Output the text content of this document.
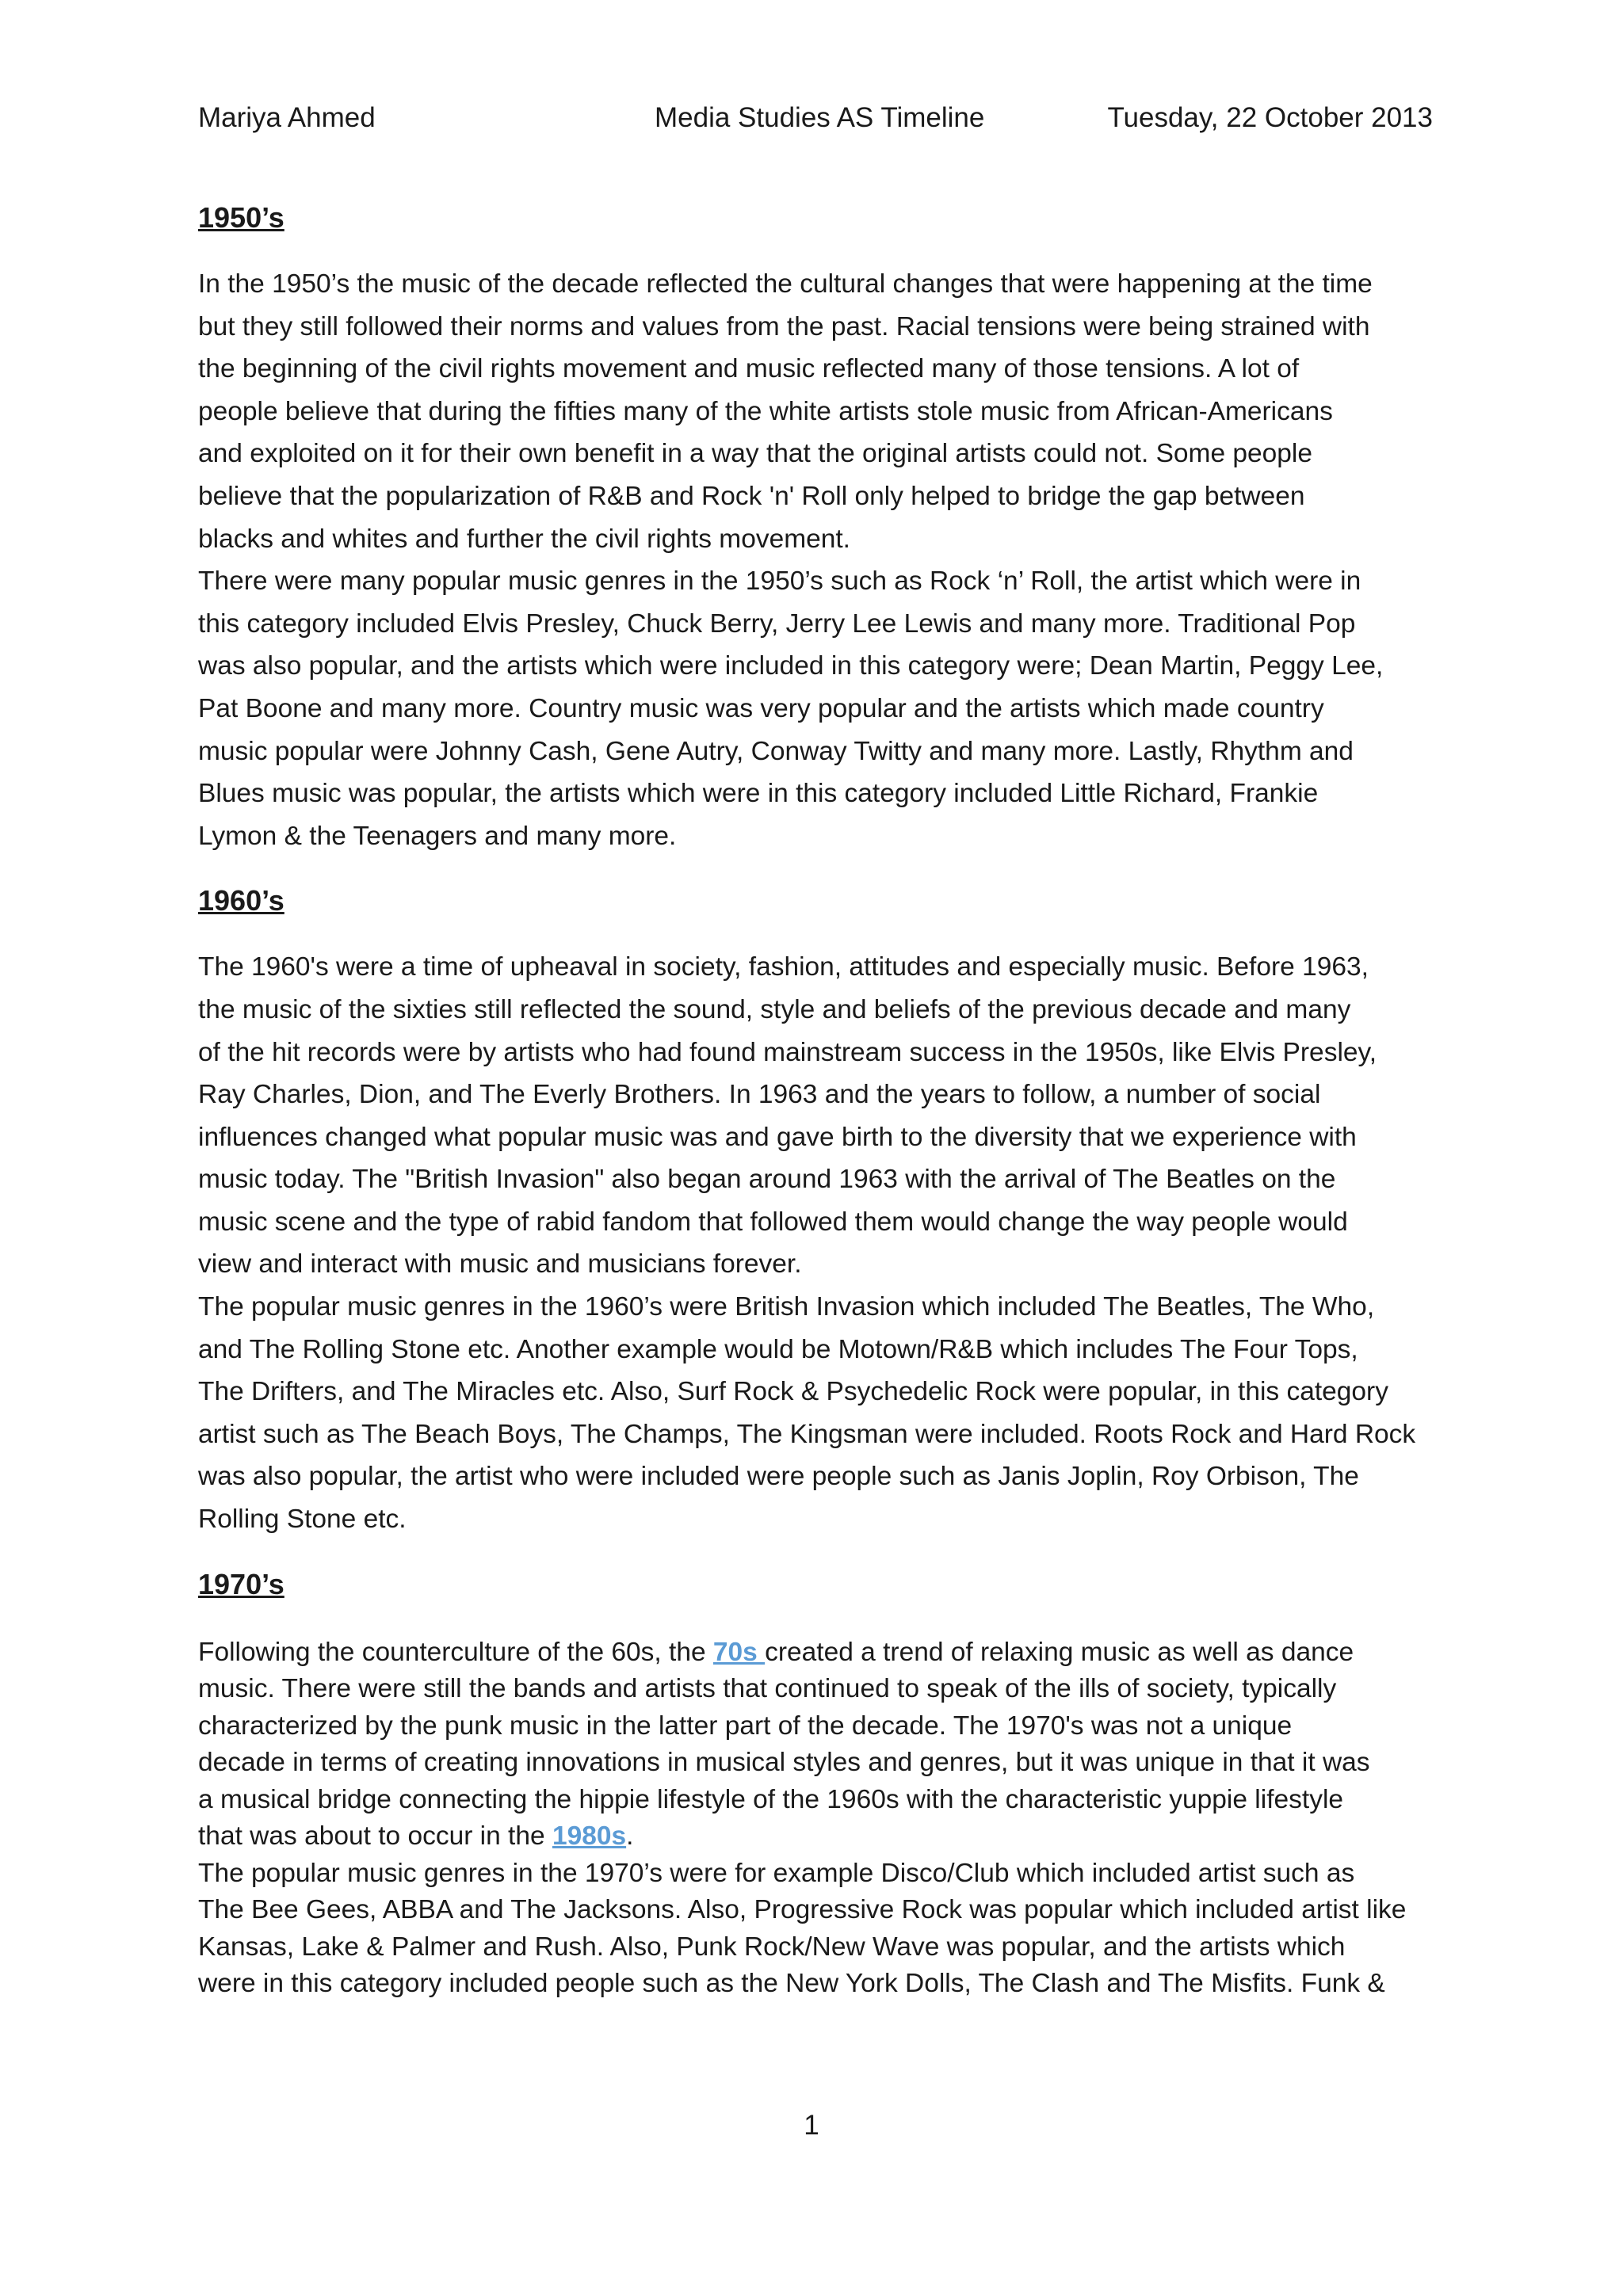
Mariya Ahmed	Media Studies AS Timeline	Tuesday, 22 October 2013
1950’s

In the 1950’s the music of the decade reflected the cultural changes that were happening at the time
but they still followed their norms and values from the past. Racial tensions were being strained with
the beginning of the civil rights movement and music reflected many of those tensions. A lot of
people believe that during the fifties many of the white artists stole music from African-Americans
and exploited on it for their own benefit in a way that the original artists could not. Some people
believe that the popularization of R&B and Rock 'n' Roll only helped to bridge the gap between
blacks and whites and further the civil rights movement.

There were many popular music genres in the 1950’s such as Rock ‘n’ Roll, the artist which were in
this category included Elvis Presley, Chuck Berry, Jerry Lee Lewis and many more. Traditional Pop
was also popular, and the artists which were included in this category were; Dean Martin, Peggy Lee,
Pat Boone and many more. Country music was very popular and the artists which made country
music popular were Johnny Cash, Gene Autry, Conway Twitty and many more. Lastly, Rhythm and
Blues music was popular, the artists which were in this category included Little Richard, Frankie
Lymon & the Teenagers and many more.

1960’s

The 1960's were a time of upheaval in society, fashion, attitudes and especially music. Before 1963,
the music of the sixties still reflected the sound, style and beliefs of the previous decade and many
of the hit records were by artists who had found mainstream success in the 1950s, like Elvis Presley,
Ray Charles, Dion, and The Everly Brothers. In 1963 and the years to follow, a number of social
influences changed what popular music was and gave birth to the diversity that we experience with
music today. The "British Invasion" also began around 1963 with the arrival of The Beatles on the
music scene and the type of rabid fandom that followed them would change the way people would
view and interact with music and musicians forever.

The popular music genres in the 1960’s were British Invasion which included The Beatles, The Who,
and The Rolling Stone etc. Another example would be Motown/R&B which includes The Four Tops,
The Drifters, and The Miracles etc. Also, Surf Rock & Psychedelic Rock were popular, in this category
artist such as The Beach Boys, The Champs, The Kingsman were included. Roots Rock and Hard Rock
was also popular, the artist who were included were people such as Janis Joplin, Roy Orbison, The
Rolling Stone etc.

1970’s

Following the counterculture of the 60s, the 70s created a trend of relaxing music as well as dance
music. There were still the bands and artists that continued to speak of the ills of society, typically
characterized by the punk music in the latter part of the decade. The 1970's was not a unique
decade in terms of creating innovations in musical styles and genres, but it was unique in that it was
a musical bridge connecting the hippie lifestyle of the 1960s with the characteristic yuppie lifestyle
that was about to occur in the 1980s.

The popular music genres in the 1970’s were for example Disco/Club which included artist such as
The Bee Gees, ABBA and The Jacksons. Also, Progressive Rock was popular which included artist like
Kansas, Lake & Palmer and Rush. Also, Punk Rock/New Wave was popular, and the artists which
were in this category included people such as the New York Dolls, The Clash and The Misfits. Funk &

1
